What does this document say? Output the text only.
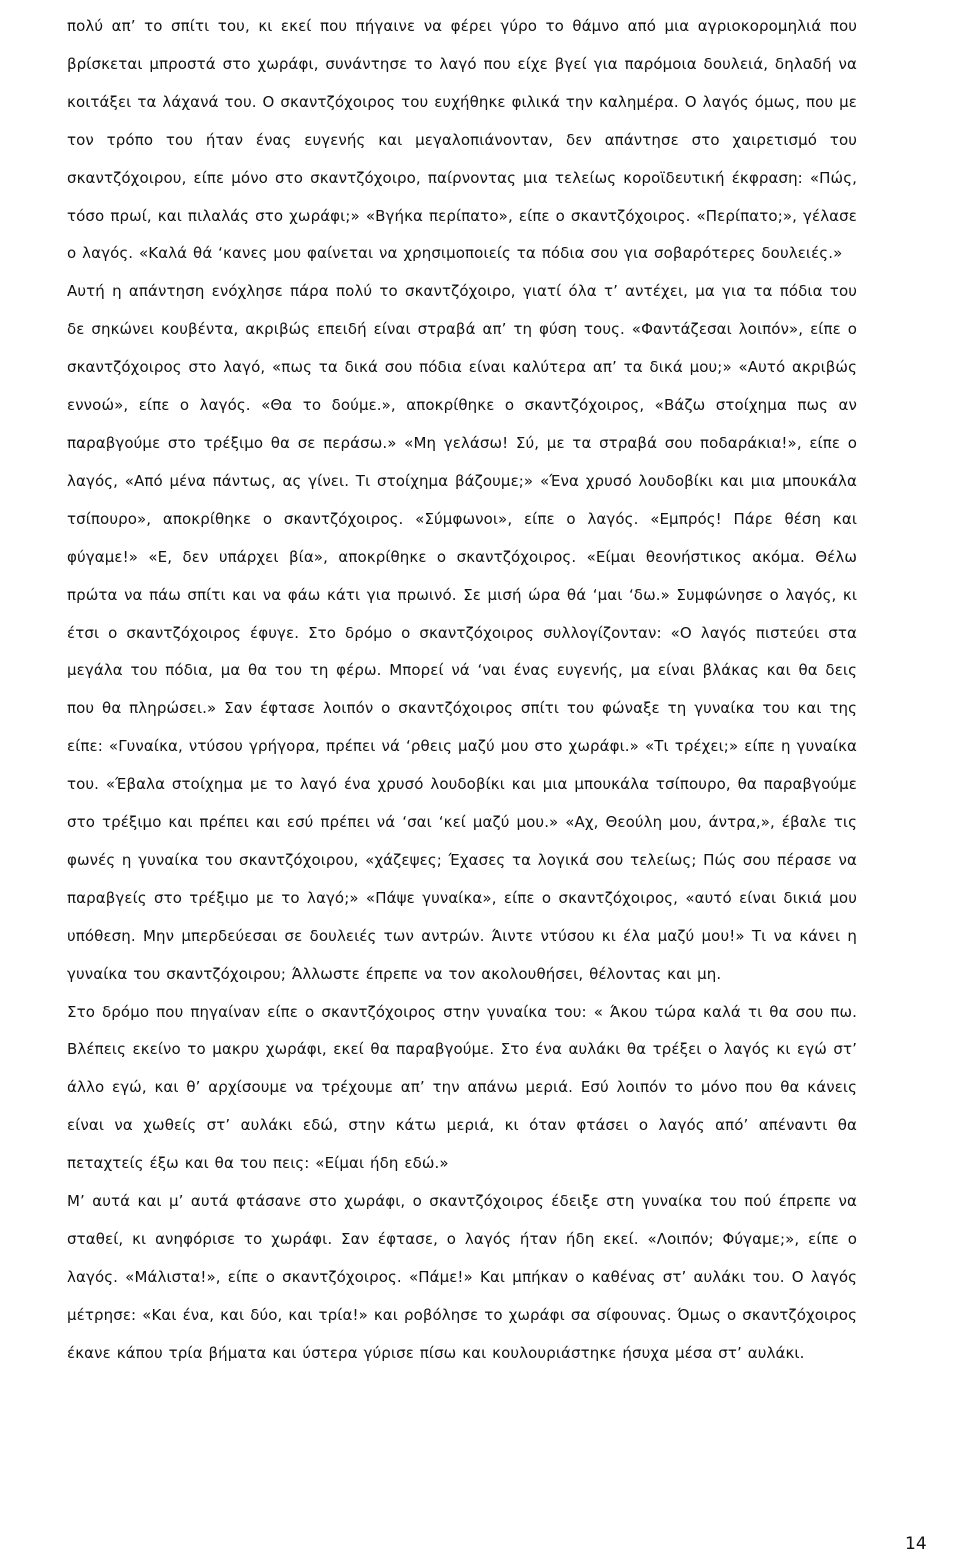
πολύ απ’ το σπίτι του, κι εκεί που πήγαινε να φέρει γύρο το θάμνο από μια αγριοκορομηλιά που βρίσκεται μπροστά στο χωράφι, συνάντησε το λαγό που είχε βγεί για παρόμοια δουλειά, δηλαδή να κοιτάξει τα λάχανά του. Ο σκαντζόχοιρος του ευχήθηκε φιλικά την καλημέρα. Ο λαγός όμως, που με τον τρόπο του ήταν ένας ευγενής και μεγαλοπιάνονταν, δεν απάντησε στο χαιρετισμό του σκαντζόχοιρου, είπε μόνο στο σκαντζόχοιρο, παίρνοντας μια τελείως κοροϊδευτική έκφραση: «Πώς, τόσο πρωί, και πιλαλάς στο χωράφι;» «Βγήκα περίπατο», είπε ο σκαντζόχοιρος. «Περίπατο;», γέλασε ο λαγός. «Καλά θά ‘κανες μου φαίνεται να χρησιμοποιείς τα πόδια σου για σοβαρότερες δουλειές.»

Αυτή η απάντηση ενόχλησε πάρα πολύ το σκαντζόχοιρο, γιατί όλα τ’ αντέχει, μα για τα πόδια του δε σηκώνει κουβέντα, ακριβώς επειδή είναι στραβά απ’ τη φύση τους. «Φαντάζεσαι λοιπόν», είπε ο σκαντζόχοιρος στο λαγό, «πως τα δικά σου πόδια είναι καλύτερα απ’ τα δικά μου;» «Αυτό ακριβώς εννοώ», είπε ο λαγός. «Θα το δούμε.», αποκρίθηκε ο σκαντζόχοιρος, «Βάζω στοίχημα πως αν παραβγούμε στο τρέξιμο θα σε περάσω.» «Μη γελάσω! Σύ, με τα στραβά σου ποδαράκια!», είπε ο λαγός, «Από μένα πάντως, ας γίνει. Τι στοίχημα βάζουμε;» «Ένα χρυσό λουδοβίκι και μια μπουκάλα τσίπουρο», αποκρίθηκε ο σκαντζόχοιρος. «Σύμφωνοι», είπε ο λαγός. «Εμπρός! Πάρε θέση και φύγαμε!» «Ε, δεν υπάρχει βία», αποκρίθηκε ο σκαντζόχοιρος. «Είμαι θεονήστικος ακόμα. Θέλω πρώτα να πάω σπίτι και να φάω κάτι για πρωινό. Σε μισή ώρα θά ‘μαι ‘δω.» Συμφώνησε ο λαγός, κι έτσι ο σκαντζόχοιρος έφυγε. Στο δρόμο ο σκαντζόχοιρος συλλογίζονταν: «Ο λαγός πιστεύει στα μεγάλα του πόδια, μα θα του τη φέρω. Μπορεί νά ‘ναι ένας ευγενής, μα είναι βλάκας και θα δεις που θα πληρώσει.» Σαν έφτασε λοιπόν ο σκαντζόχοιρος σπίτι του φώναξε τη γυναίκα του και της είπε: «Γυναίκα, ντύσου γρήγορα, πρέπει νά ‘ρθεις μαζύ μου στο χωράφι.» «Τι τρέχει;» είπε η γυναίκα του. «Έβαλα στοίχημα με το λαγό ένα χρυσό λουδοβίκι και μια μπουκάλα τσίπουρο, θα παραβγούμε στο τρέξιμο και πρέπει και εσύ πρέπει νά ‘σαι ‘κεί μαζύ μου.» «Αχ, Θεούλη μου, άντρα,», έβαλε τις φωνές η γυναίκα του σκαντζόχοιρου, «χάζεψες; Έχασες τα λογικά σου τελείως; Πώς σου πέρασε να παραβγείς στο τρέξιμο με το λαγό;» «Πάψε γυναίκα», είπε ο σκαντζόχοιρος, «αυτό είναι δικιά μου υπόθεση. Μην μπερδεύεσαι σε δουλειές των αντρών. Άιντε ντύσου κι έλα μαζύ μου!» Τι να κάνει η γυναίκα του σκαντζόχοιρου; Άλλωστε έπρεπε να τον ακολουθήσει, θέλοντας και μη.

Στο δρόμο που πηγαίναν είπε ο σκαντζόχοιρος στην γυναίκα του: « Άκου τώρα καλά τι θα σου πω. Βλέπεις εκείνο το μακρυ χωράφι, εκεί θα παραβγούμε. Στο ένα αυλάκι θα τρέξει ο λαγός κι εγώ στ’ άλλο εγώ, και θ’ αρχίσουμε να τρέχουμε απ’ την απάνω μεριά. Εσύ λοιπόν το μόνο που θα κάνεις είναι να χωθείς στ’ αυλάκι εδώ, στην κάτω μεριά, κι όταν φτάσει ο λαγός από’ απέναντι θα πεταχτείς έξω και θα του πεις: «Είμαι ήδη εδώ.»

Μ’ αυτά και μ’ αυτά φτάσανε στο χωράφι, ο σκαντζόχοιρος έδειξε στη γυναίκα του πού έπρεπε να σταθεί, κι ανηφόρισε το χωράφι. Σαν έφτασε, ο λαγός ήταν ήδη εκεί. «Λοιπόν; Φύγαμε;», είπε ο λαγός. «Μάλιστα!», είπε ο σκαντζόχοιρος. «Πάμε!» Και μπήκαν ο καθένας στ’ αυλάκι του. Ο λαγός μέτρησε: «Και ένα, και δύο, και τρία!» και ροβόλησε το χωράφι σα σίφουνας. Όμως ο σκαντζόχοιρος έκανε κάπου τρία βήματα και ύστερα γύρισε πίσω και κουλουριάστηκε ήσυχα μέσα στ’ αυλάκι.

14
